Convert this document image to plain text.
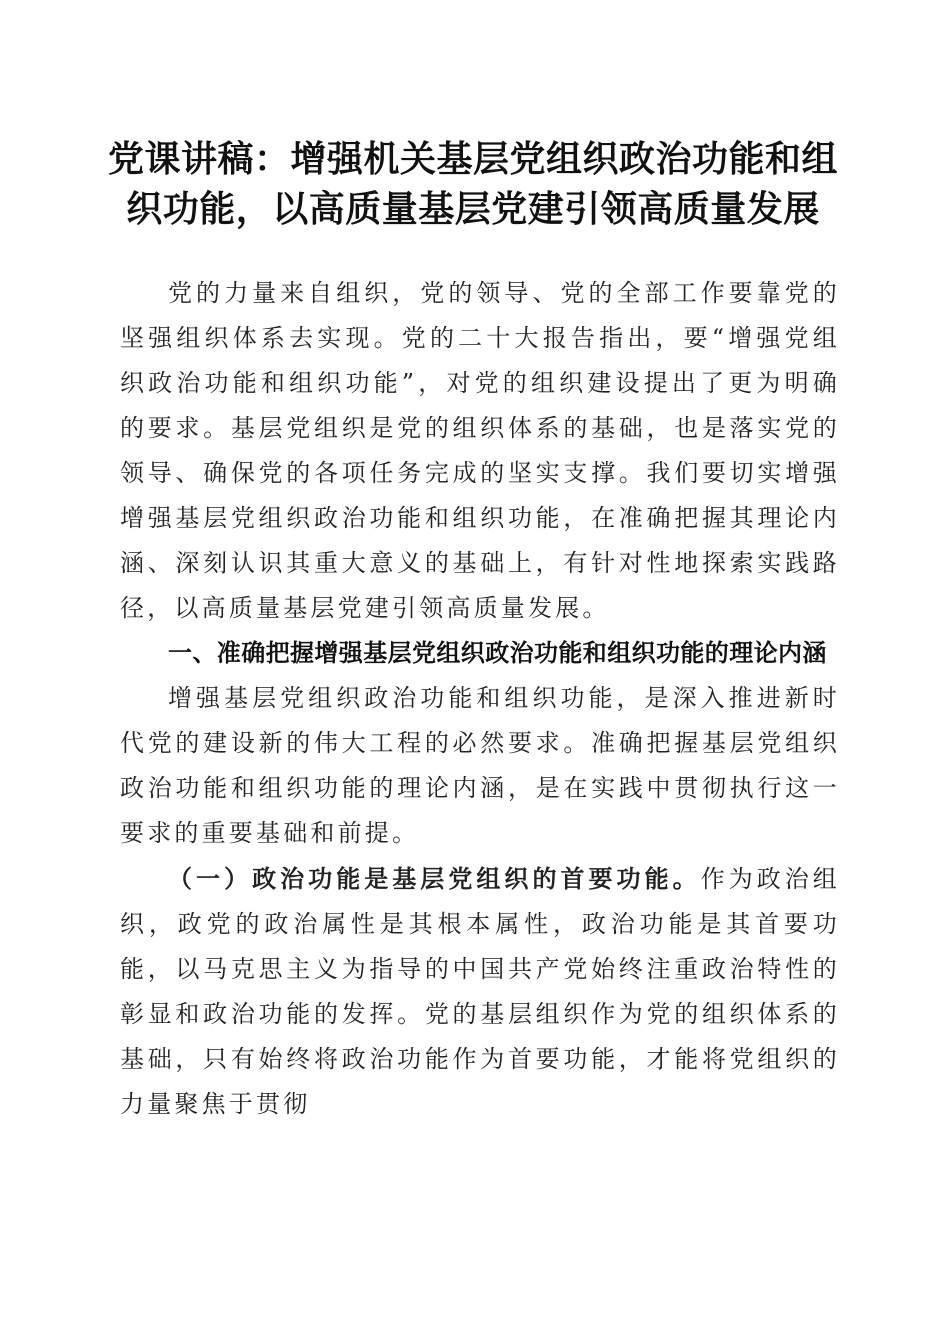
党课讲稿：增强机关基层党组织政治功能和组织功能，以高质量基层党建引领高质量发展

党的力量来自组织，党的领导、党的全部工作要靠党的坚强组织体系去实现。党的二十大报告指出，要“增强党组织政治功能和组织功能”，对党的组织建设提出了更为明确的要求。基层党组织是党的组织体系的基础，也是落实党的领导、确保党的各项任务完成的坚实支撑。我们要切实增强增强基层党组织政治功能和组织功能，在准确把握其理论内涵、深刻认识其重大意义的基础上，有针对性地探索实践路径，以高质量基层党建引领高质量发展。

一、准确把握增强基层党组织政治功能和组织功能的理论内涵

增强基层党组织政治功能和组织功能，是深入推进新时代党的建设新的伟大工程的必然要求。准确把握基层党组织政治功能和组织功能的理论内涵，是在实践中贯彻执行这一要求的重要基础和前提。

（一）政治功能是基层党组织的首要功能。作为政治组织，政党的政治属性是其根本属性，政治功能是其首要功能，以马克思主义为指导的中国共产党始终注重政治特性的彰显和政治功能的发挥。党的基层组织作为党的组织体系的基础，只有始终将政治功能作为首要功能，才能将党组织的力量聚焦于贯彻
